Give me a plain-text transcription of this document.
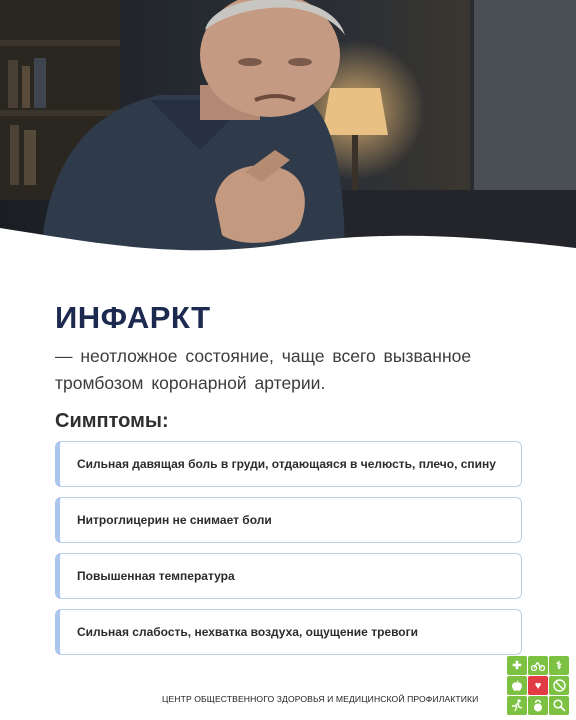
ИНФАРКТ

— неотложное состояние, чаще всего вызванное тромбозом коронарной артерии.

Симптомы:
Сильная давящая боль в груди, отдающаяся в челюсть, плечо, спину
Нитроглицерин не снимает боли
Повышенная температура
Сильная слабость, нехватка воздуха, ощущение тревоги
ЦЕНТР ОБЩЕСТВЕННОГО ЗДОРОВЬЯ И МЕДИЦИНСКОЙ ПРОФИЛАКТИКИ
✚	⚕
♥
